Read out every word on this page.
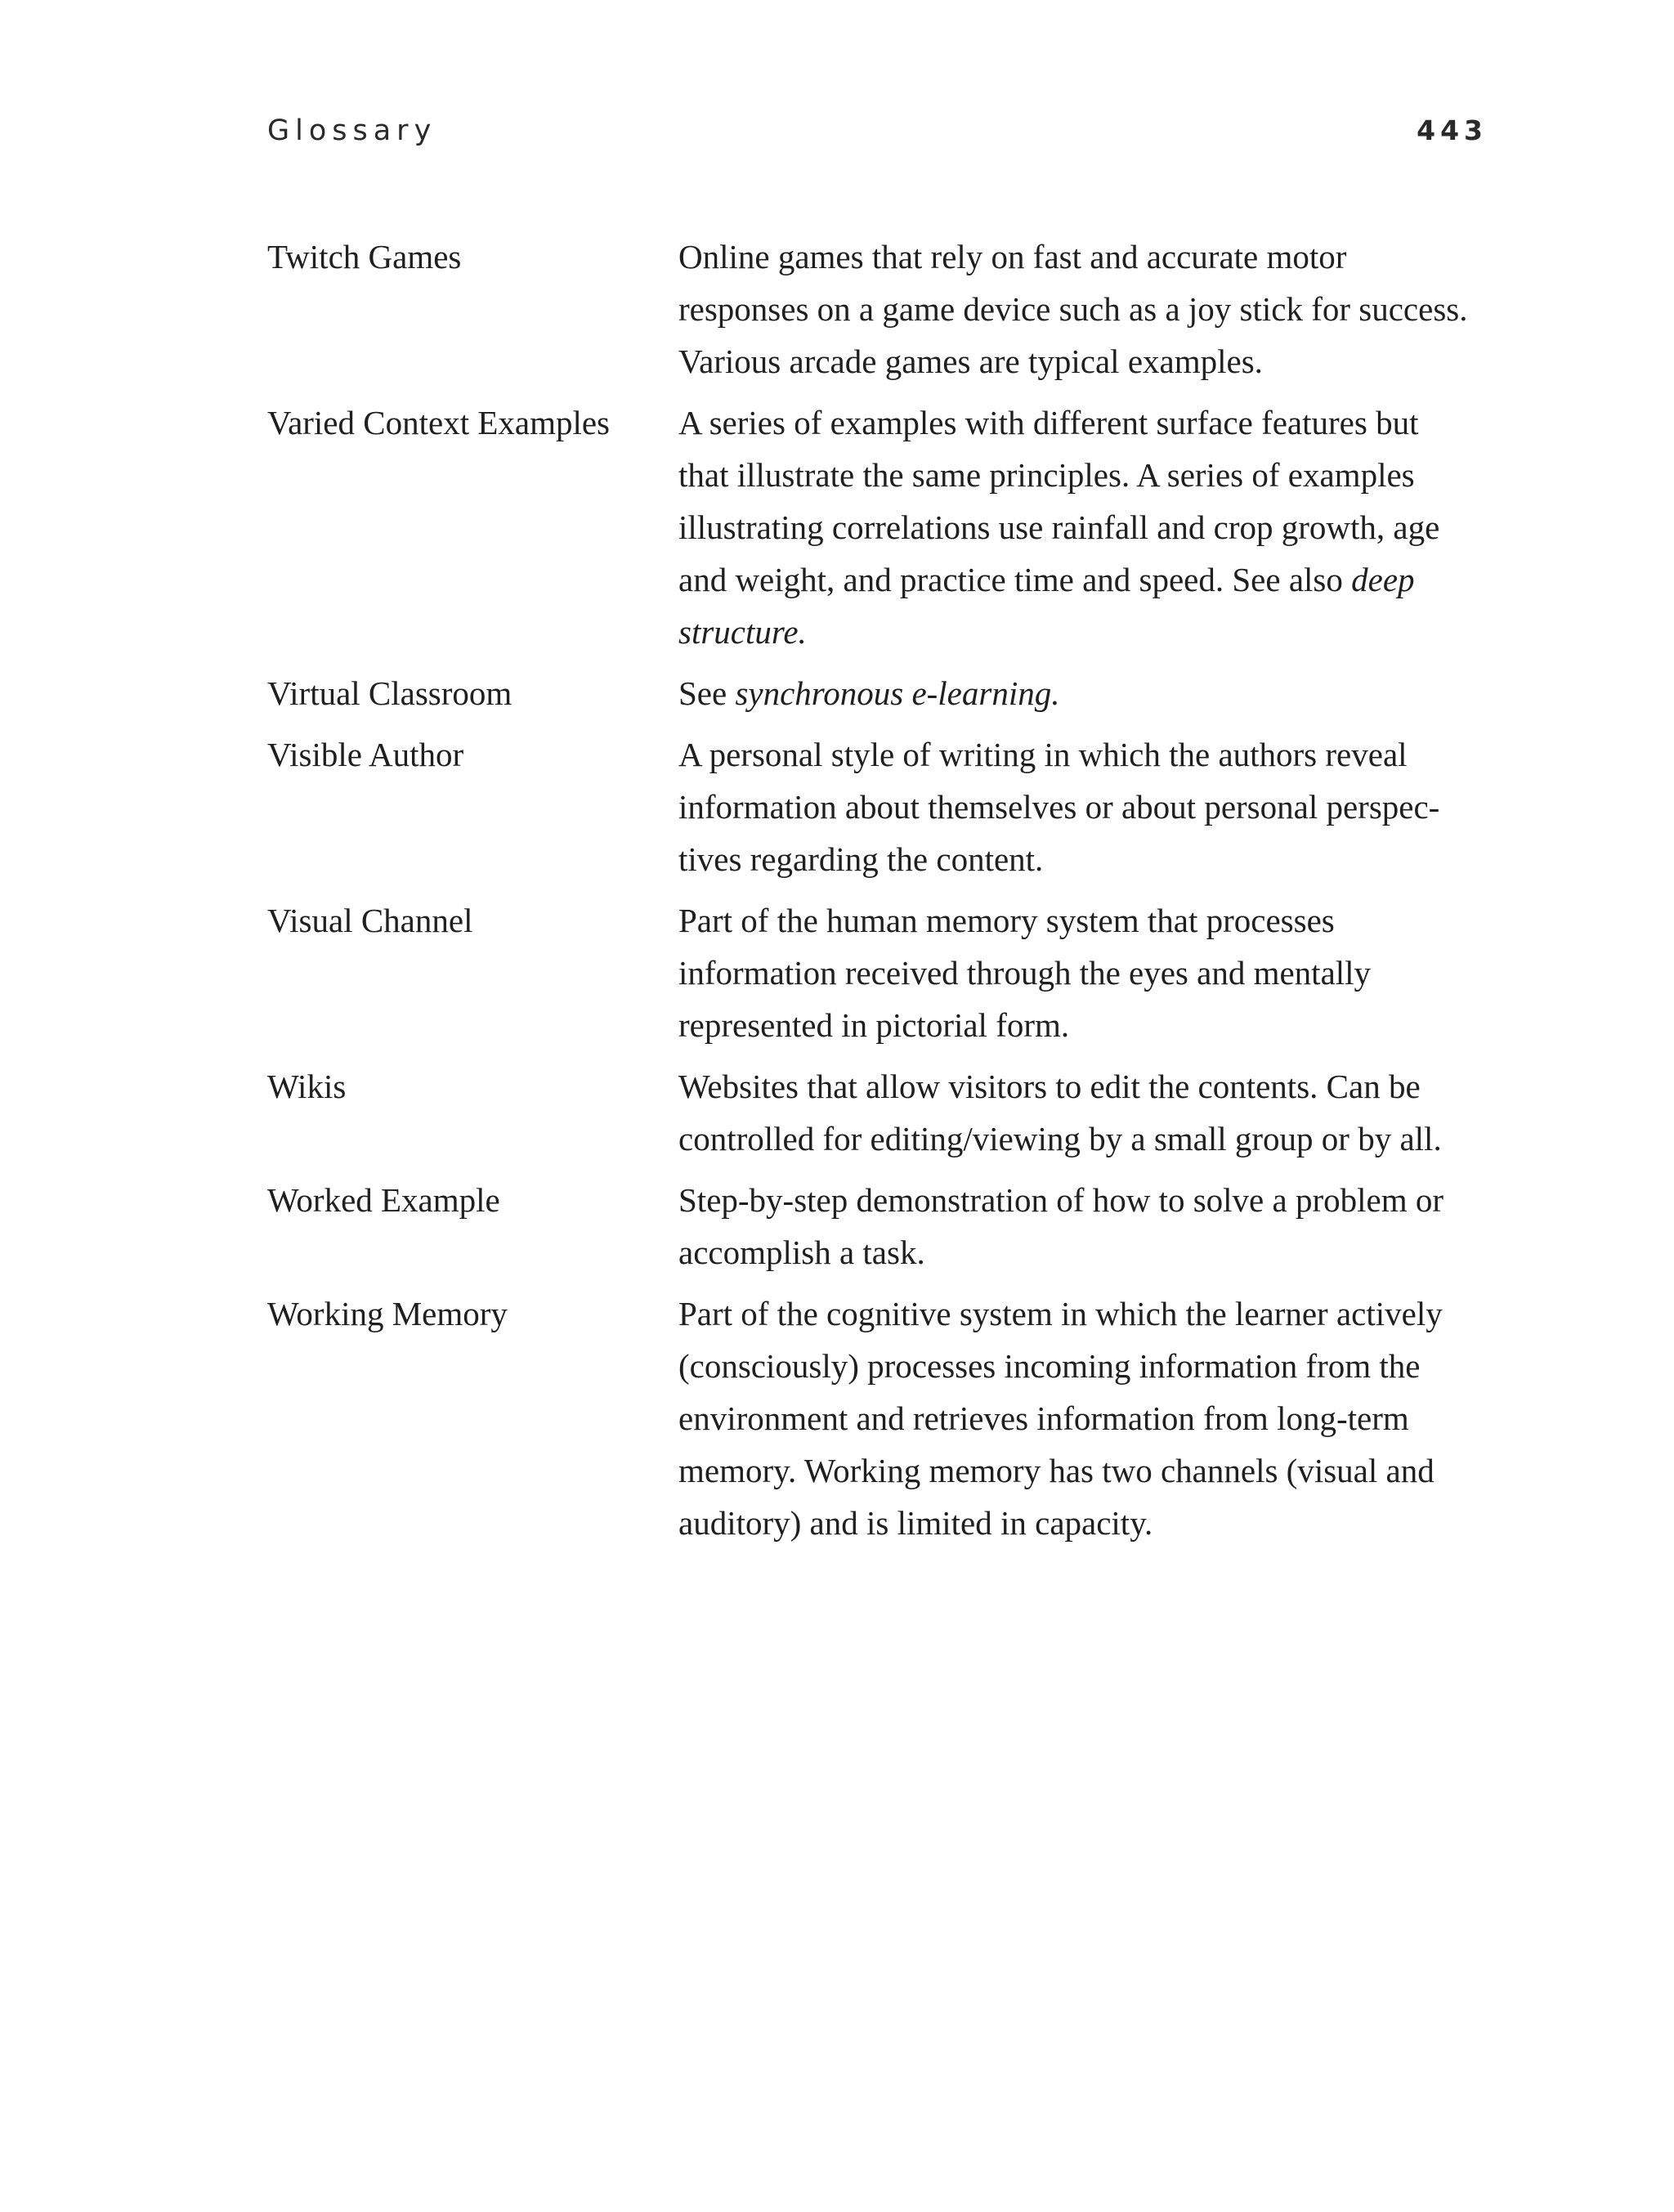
Glossary	443
Twitch Games	Online games that rely on fast and accurate motor
responses on a game device such as a joy stick for success.
Various arcade games are typical examples.
Varied Context Examples	A series of examples with different surface features but
that illustrate the same principles. A series of examples
illustrating correlations use rainfall and crop growth, age
and weight, and practice time and speed. See also deep
structure.
Virtual Classroom	See synchronous e-learning.
Visible Author	A personal style of writing in which the authors reveal
information about themselves or about personal perspec-
tives regarding the content.
Visual Channel	Part of the human memory system that processes
information received through the eyes and mentally
represented in pictorial form.
Wikis	Websites that allow visitors to edit the contents. Can be
controlled for editing/viewing by a small group or by all.
Worked Example	Step-by-step demonstration of how to solve a problem or
accomplish a task.
Working Memory	Part of the cognitive system in which the learner actively
(consciously) processes incoming information from the
environment and retrieves information from long-term
memory. Working memory has two channels (visual and
auditory) and is limited in capacity.
